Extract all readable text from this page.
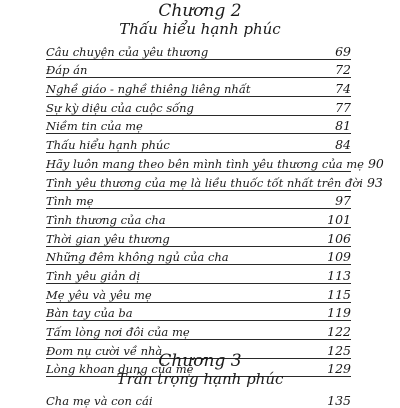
Chương 2
Thấu hiểu hạnh phúc
Câu chuyện của yêu thương	69
Đáp án	72
Nghề giáo - nghề thiêng liêng nhất	74
Sự kỳ diệu của cuộc sống	77
Niềm tin của mẹ	81
Thấu hiểu hạnh phúc	84
Hãy luôn mang theo bên mình tình yêu thương của mẹ 90
Tình yêu thương của mẹ là liều thuốc tốt nhất trên đời 93
Tình mẹ	97
Tình thương của cha	101
Thời gian yêu thương	106
Những đêm không ngủ của cha	109
Tình yêu giản dị	113
Mẹ yêu và yêu mẹ	115
Bàn tay của ba	119
Tấm lòng nơi đôi của mẹ	122
Đom nụ cười về nhà	125
Lòng khoan dung của mẹ	129
Chương 3
Trân trọng hạnh phúc
Cha mẹ và con cái	135
